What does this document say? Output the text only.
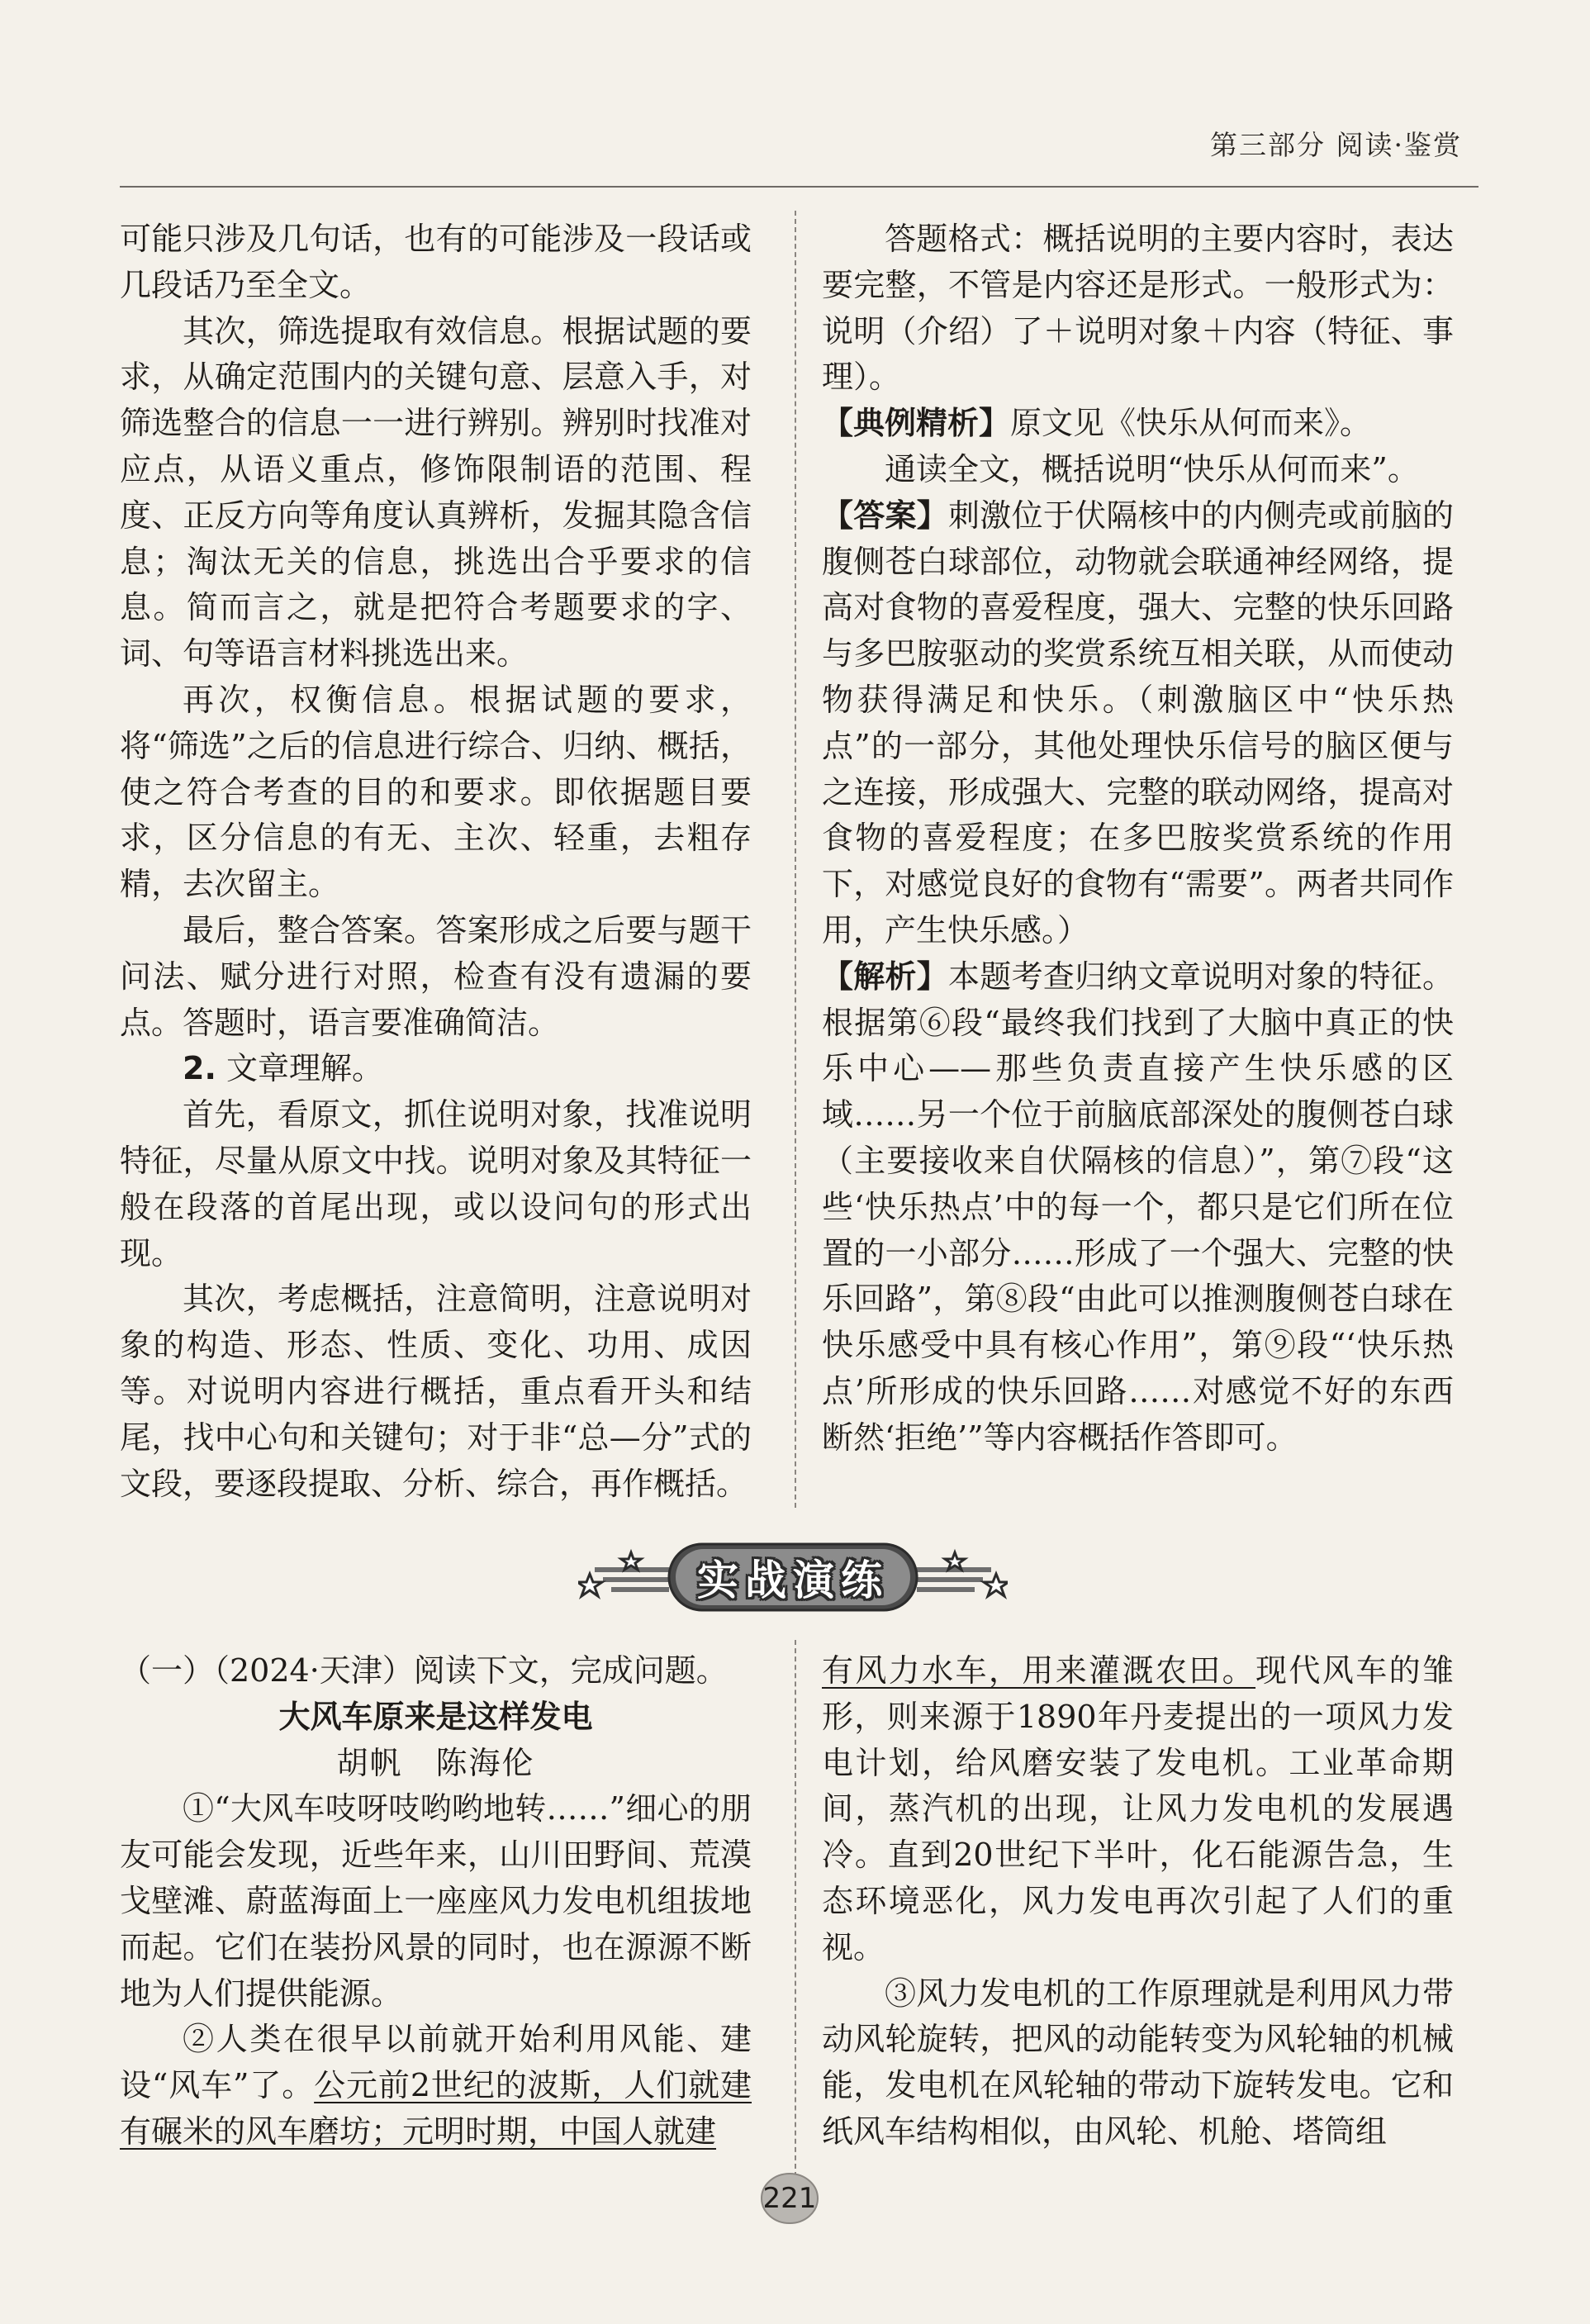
第三部分 阅读·鉴赏

可能只涉及几句话，也有的可能涉及一段话或几段话乃至全文。

其次，筛选提取有效信息。根据试题的要求，从确定范围内的关键句意、层意入手，对筛选整合的信息一一进行辨别。辨别时找准对应点，从语义重点，修饰限制语的范围、程度、正反方向等角度认真辨析，发掘其隐含信息；淘汰无关的信息，挑选出合乎要求的信息。简而言之，就是把符合考题要求的字、词、句等语言材料挑选出来。

再次，权衡信息。根据试题的要求，将“筛选”之后的信息进行综合、归纳、概括，使之符合考查的目的和要求。即依据题目要求，区分信息的有无、主次、轻重，去粗存精，去次留主。

最后，整合答案。答案形成之后要与题干问法、赋分进行对照，检查有没有遗漏的要点。答题时，语言要准确简洁。

2. 文章理解。

首先，看原文，抓住说明对象，找准说明特征，尽量从原文中找。说明对象及其特征一般在段落的首尾出现，或以设问句的形式出现。

其次，考虑概括，注意简明，注意说明对象的构造、形态、性质、变化、功用、成因等。对说明内容进行概括，重点看开头和结尾，找中心句和关键句；对于非“总—分”式的文段，要逐段提取、分析、综合，再作概括。

答题格式：概括说明的主要内容时，表达要完整，不管是内容还是形式。一般形式为：说明（介绍）了＋说明对象＋内容（特征、事理）。

【典例精析】原文见《快乐从何而来》。

通读全文，概括说明“快乐从何而来”。

【答案】刺激位于伏隔核中的内侧壳或前脑的腹侧苍白球部位，动物就会联通神经网络，提高对食物的喜爱程度，强大、完整的快乐回路与多巴胺驱动的奖赏系统互相关联，从而使动物获得满足和快乐。（刺激脑区中“快乐热点”的一部分，其他处理快乐信号的脑区便与之连接，形成强大、完整的联动网络，提高对食物的喜爱程度；在多巴胺奖赏系统的作用下，对感觉良好的食物有“需要”。两者共同作用，产生快乐感。）

【解析】本题考查归纳文章说明对象的特征。根据第⑥段“最终我们找到了大脑中真正的快乐中心——那些负责直接产生快乐感的区域……另一个位于前脑底部深处的腹侧苍白球（主要接收来自伏隔核的信息）”，第⑦段“这些‘快乐热点’中的每一个，都只是它们所在位置的一小部分……形成了一个强大、完整的快乐回路”，第⑧段“由此可以推测腹侧苍白球在快乐感受中具有核心作用”，第⑨段“‘快乐热点’所形成的快乐回路……对感觉不好的东西断然‘拒绝’”等内容概括作答即可。

实战演练

（一）（2024·天津）阅读下文，完成问题。

大风车原来是这样发电

胡帆　陈海伦

①“大风车吱呀吱哟哟地转……”细心的朋友可能会发现，近些年来，山川田野间、荒漠戈壁滩、蔚蓝海面上一座座风力发电机组拔地而起。它们在装扮风景的同时，也在源源不断地为人们提供能源。

②人类在很早以前就开始利用风能、建设“风车”了。公元前2世纪的波斯，人们就建有碾米的风车磨坊；元明时期，中国人就建

有风力水车，用来灌溉农田。现代风车的雏形，则来源于1890年丹麦提出的一项风力发电计划，给风磨安装了发电机。工业革命期间，蒸汽机的出现，让风力发电机的发展遇冷。直到20世纪下半叶，化石能源告急，生态环境恶化，风力发电再次引起了人们的重视。

③风力发电机的工作原理就是利用风力带动风轮旋转，把风的动能转变为风轮轴的机械能，发电机在风轮轴的带动下旋转发电。它和纸风车结构相似，由风轮、机舱、塔筒组

221
